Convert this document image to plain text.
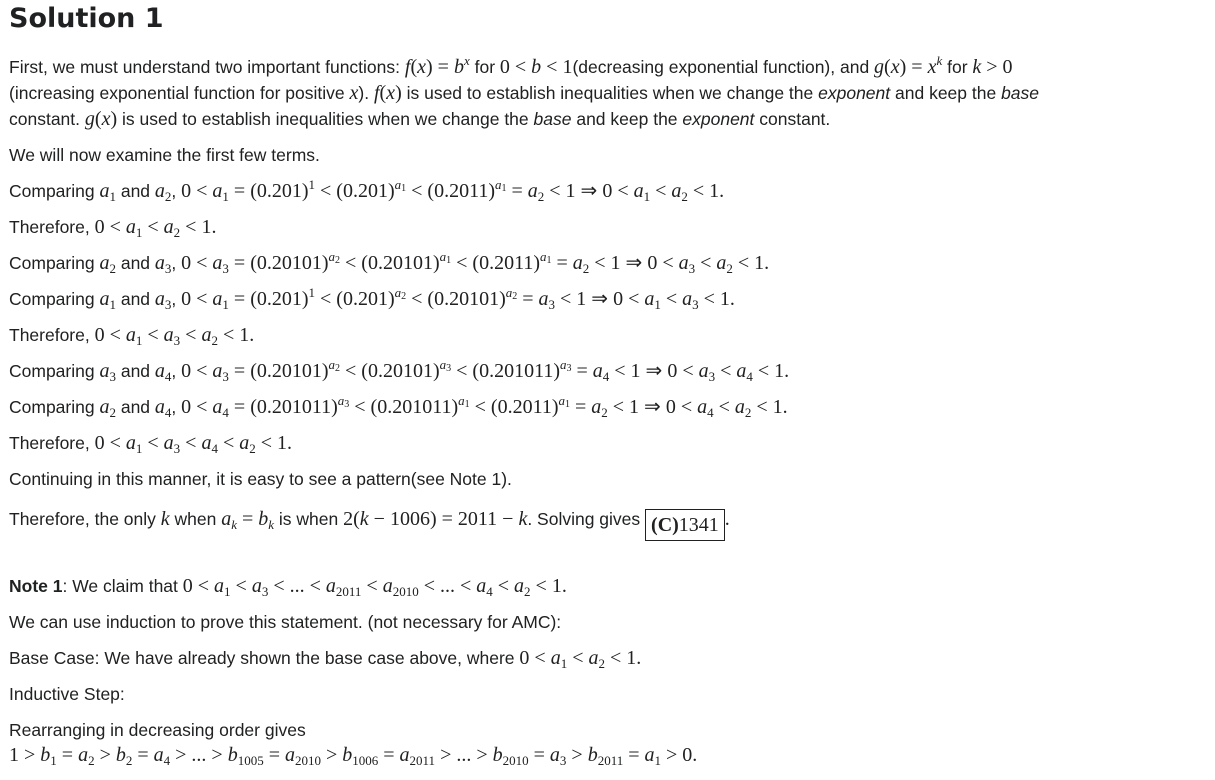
Solution 1
First, we must understand two important functions: $f(x) = b^x$ for 0 < b < 1(decreasing exponential function), and $g(x) = x^k$ for k > 0
(increasing exponential function for positive x). f(x) is used to establish inequalities when we change the exponent and keep the base
constant. g(x) is used to establish inequalities when we change the base and keep the exponent constant.
We will now examine the first few terms.
Comparing $a_1$ and $a_2$, $0 < a_1 = (0.201)^1 < (0.201)^{a_1} < (0.2011)^{a_1} = a_2 < 1$ ⇒ $0 < a_1 < a_2 < 1$.
Therefore, $0 < a_1 < a_2 < 1$.
Comparing $a_2$ and $a_3$, $0 < a_3 = (0.20101)^{a_2} < (0.20101)^{a_1} < (0.2011)^{a_1} = a_2 < 1$ ⇒ $0 < a_3 < a_2 < 1$.
Comparing $a_1$ and $a_3$, $0 < a_1 = (0.201)^1 < (0.201)^{a_2} < (0.20101)^{a_2} = a_3 < 1$ ⇒ $0 < a_1 < a_3 < 1$.
Therefore, $0 < a_1 < a_3 < a_2 < 1$.
Comparing $a_3$ and $a_4$, $0 < a_3 = (0.20101)^{a_2} < (0.20101)^{a_3} < (0.201011)^{a_3} = a_4 < 1$ ⇒ $0 < a_3 < a_4 < 1$.
Comparing $a_2$ and $a_4$, $0 < a_4 = (0.201011)^{a_3} < (0.201011)^{a_1} < (0.2011)^{a_1} = a_2 < 1$ ⇒ $0 < a_4 < a_2 < 1$.
Therefore, $0 < a_1 < a_3 < a_4 < a_2 < 1$.
Continuing in this manner, it is easy to see a pattern(see Note 1).
Therefore, the only k when $a_k = b_k$ is when 2(k − 1006) = 2011 − k. Solving gives (C)1341 .
Note 1: We claim that $0 < a_1 < a_3$ < ... < $a_{2011} < a_{2010}$ < ... < $a_4 < a_2 < 1$.
We can use induction to prove this statement. (not necessary for AMC):
Base Case: We have already shown the base case above, where $0 < a_1 < a_2 < 1$.
Inductive Step:
Rearranging in decreasing order gives
$1 > b_1 = a_2 > b_2 = a_4$ > ... > $b_{1005} = a_{2010} > b_{1006} = a_{2011}$ > ... > $b_{2010} = a_3 > b_{2011} = a_1 > 0$.
